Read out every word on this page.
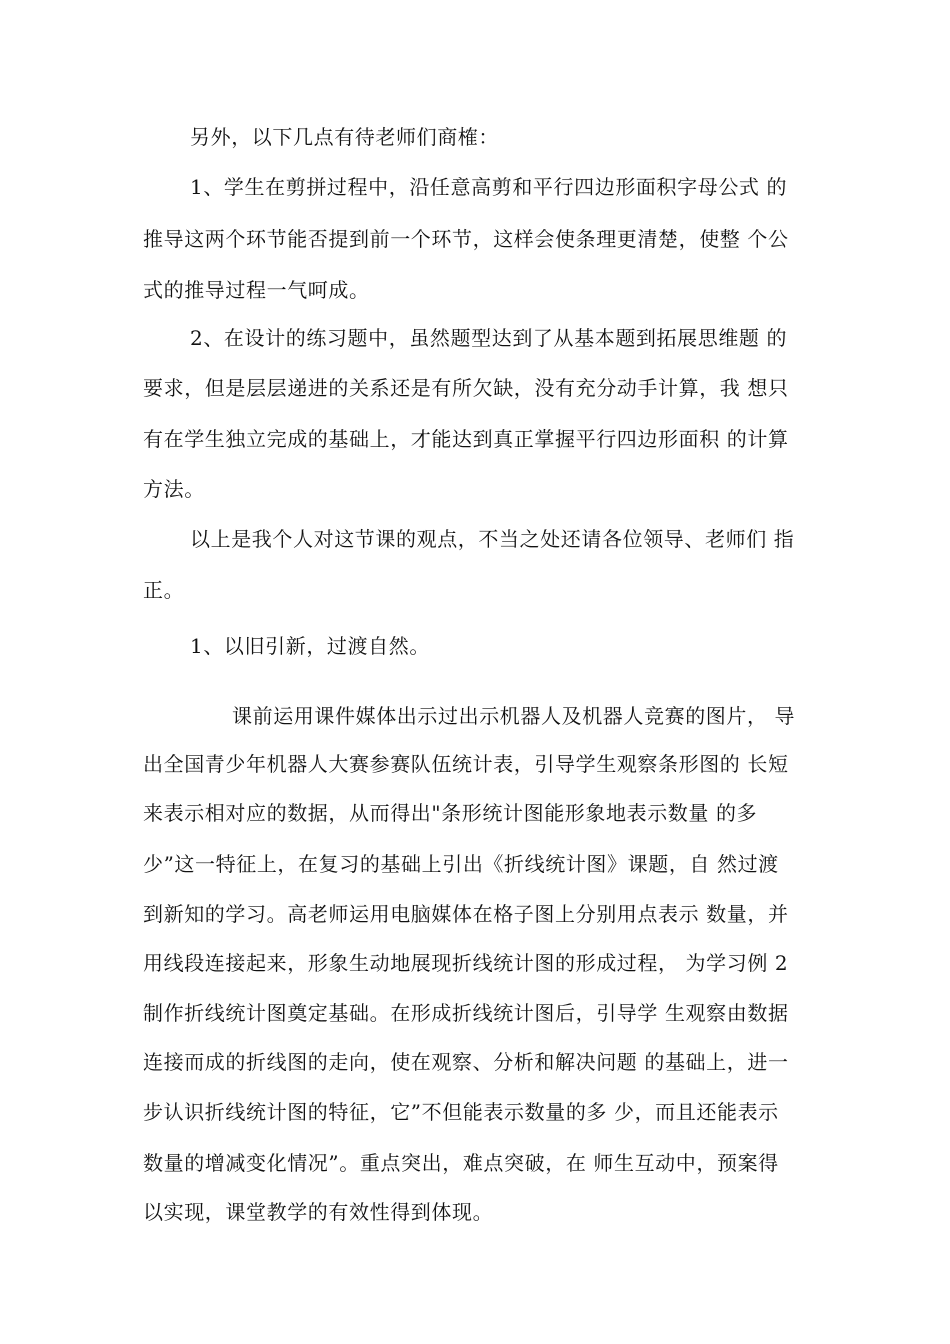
另外，以下几点有待老师们商榷：
1、学生在剪拼过程中，沿任意高剪和平行四边形面积字母公式 的
推导这两个环节能否提到前一个环节，这样会使条理更清楚，使整 个公
式的推导过程一气呵成。
2、在设计的练习题中，虽然题型达到了从基本题到拓展思维题 的
要求，但是层层递进的关系还是有所欠缺，没有充分动手计算，我 想只
有在学生独立完成的基础上，才能达到真正掌握平行四边形面积 的计算
方法。
以上是我个人对这节课的观点，不当之处还请各位领导、老师们 指
正。
1、以旧引新，过渡自然。
课前运用课件媒体出示过出示机器人及机器人竞赛的图片， 导
出全国青少年机器人大赛参赛队伍统计表，引导学生观察条形图的 长短
来表示相对应的数据，从而得出"条形统计图能形象地表示数量 的多
少”这一特征上，在复习的基础上引出《折线统计图》课题，自 然过渡
到新知的学习。高老师运用电脑媒体在格子图上分别用点表示 数量，并
用线段连接起来，形象生动地展现折线统计图的形成过程， 为学习例 2
制作折线统计图奠定基础。在形成折线统计图后，引导学 生观察由数据
连接而成的折线图的走向，使在观察、分析和解决问题 的基础上，进一
步认识折线统计图的特征，它”不但能表示数量的多 少，而且还能表示
数量的增减变化情况”。重点突出，难点突破，在 师生互动中，预案得
以实现，课堂教学的有效性得到体现。
